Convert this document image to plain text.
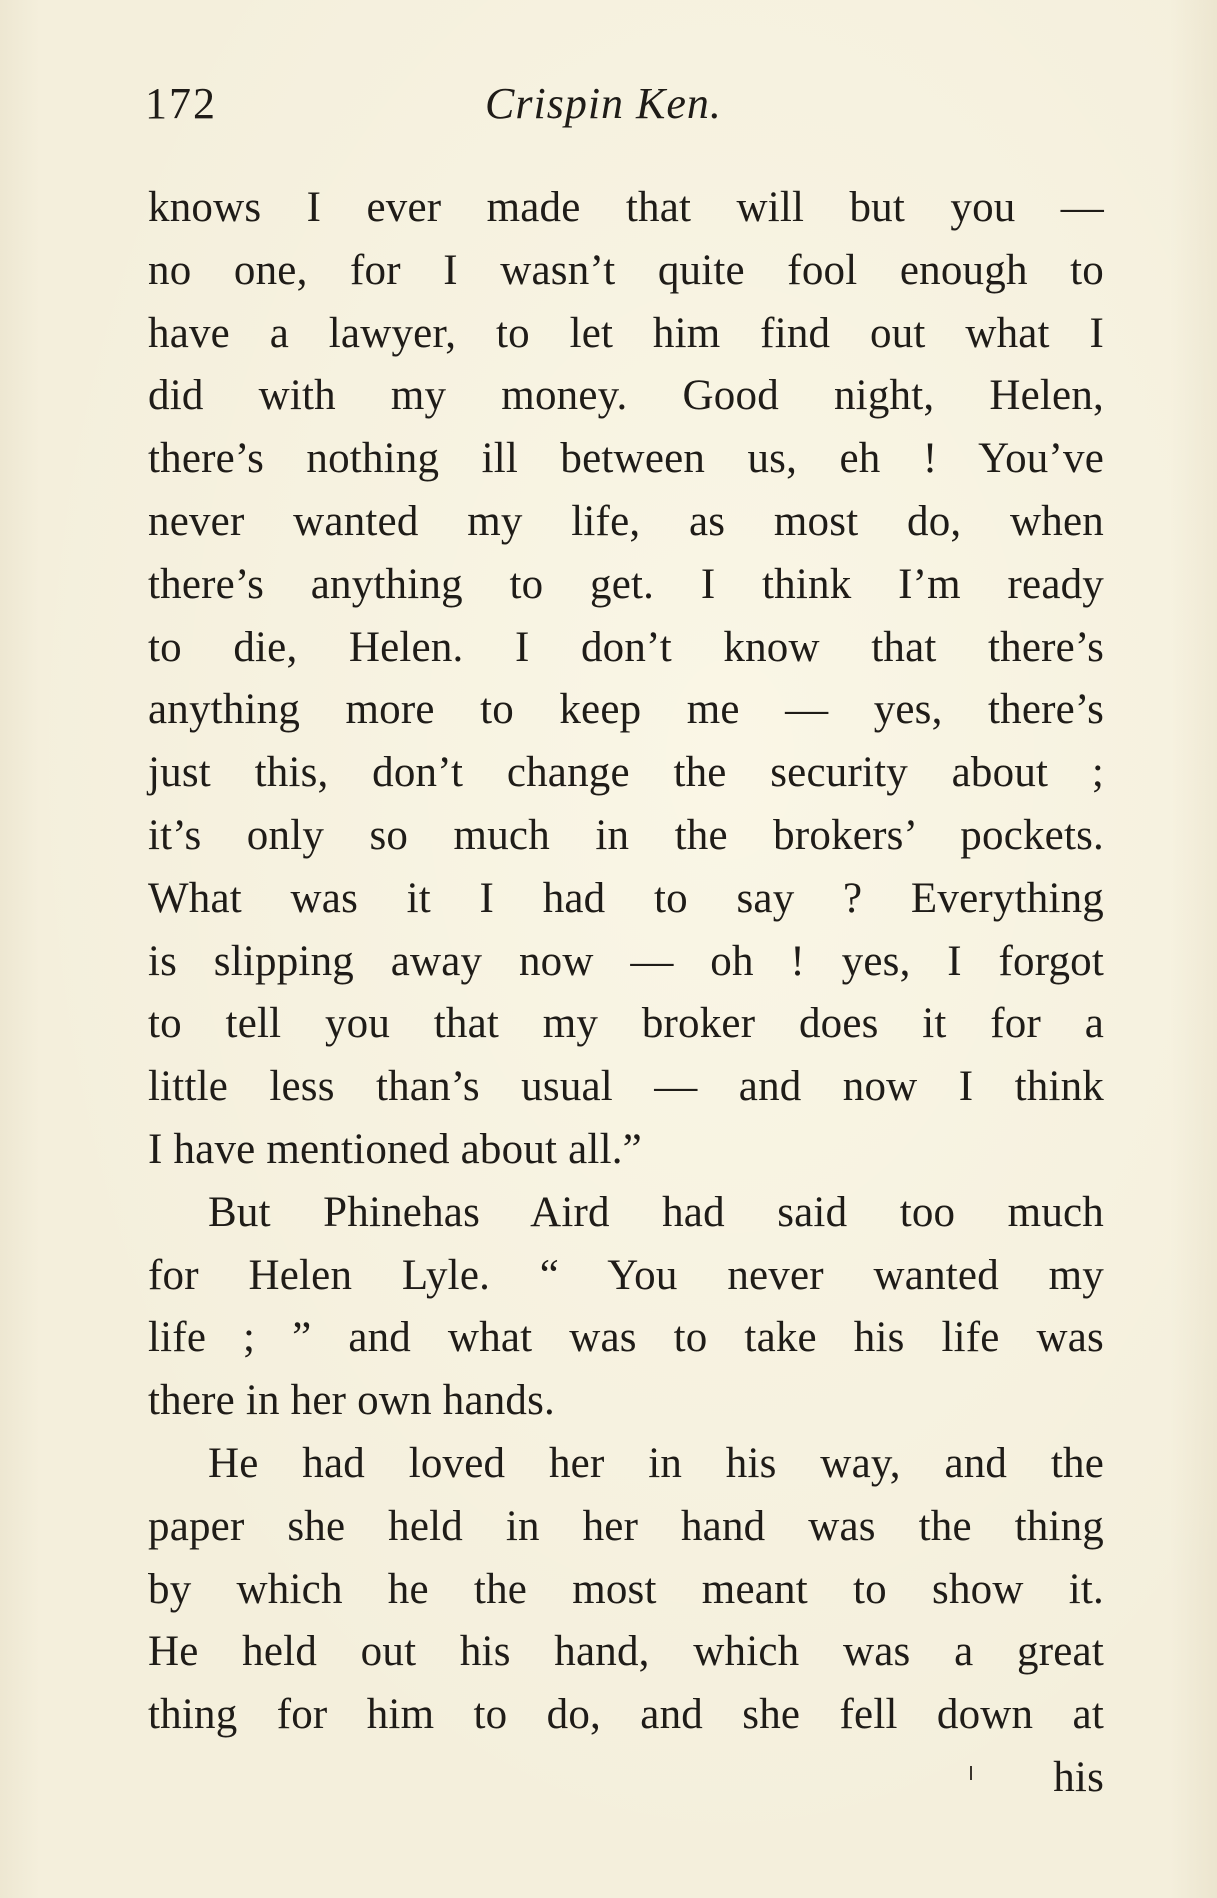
172	Crispin Ken.
knows I ever made that will but you —
no one, for I wasn’t quite fool enough to
have a lawyer, to let him find out what I
did with my money. Good night, Helen,
there’s nothing ill between us, eh ! You’ve
never wanted my life, as most do, when
there’s anything to get. I think I’m ready
to die, Helen. I don’t know that there’s
anything more to keep me — yes, there’s
just this, don’t change the security about ;
it’s only so much in the brokers’ pockets.
What was it I had to say ? Everything
is slipping away now — oh ! yes, I forgot
to tell you that my broker does it for a
little less than’s usual — and now I think
I have mentioned about all.”
But Phinehas Aird had said too much
for Helen Lyle. “ You never wanted my
life ; ” and what was to take his life was
there in her own hands.
He had loved her in his way, and the
paper she held in her hand was the thing
by which he the most meant to show it.
He held out his hand, which was a great
thing for him to do, and she fell down at
his
